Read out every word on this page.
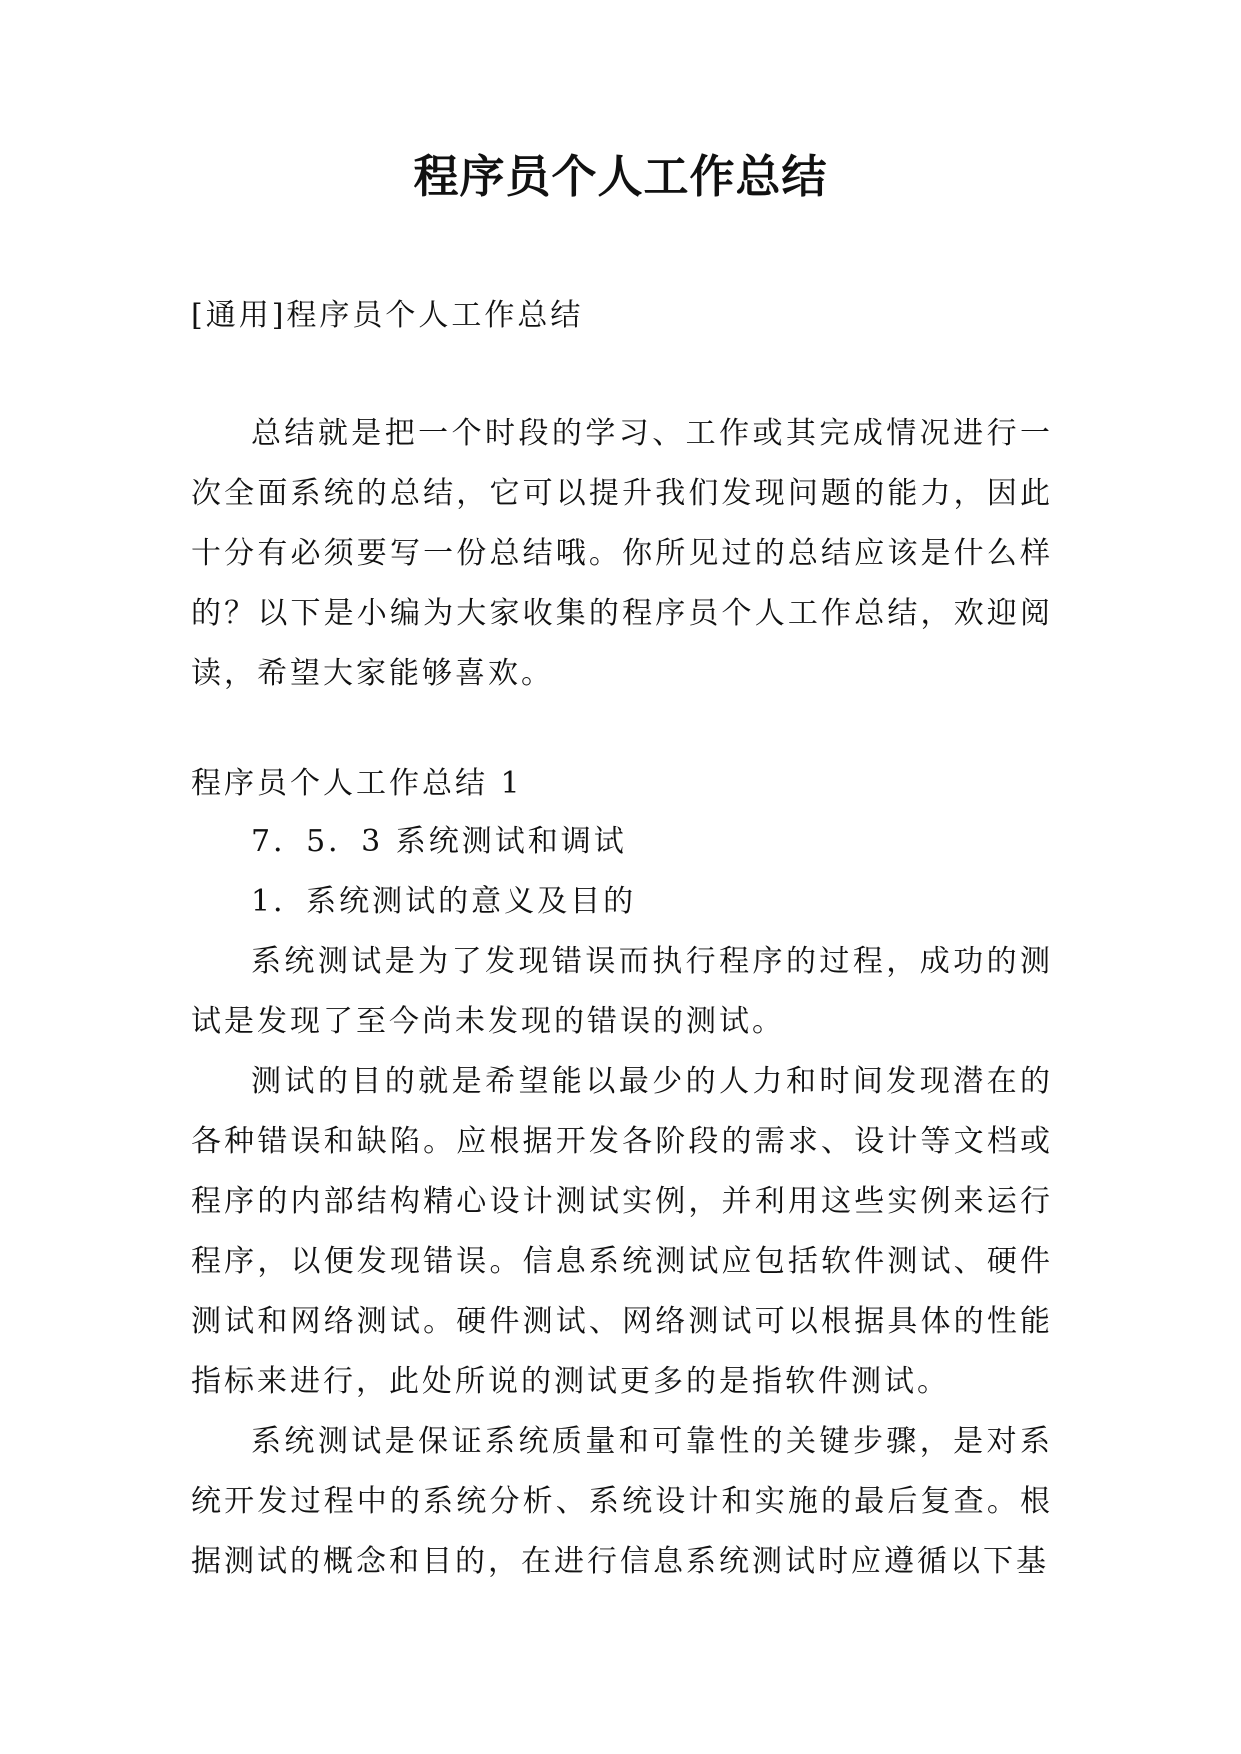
程序员个人工作总结
[通用]程序员个人工作总结

总结就是把一个时段的学习、工作或其完成情况进行一次全面系统的总结，它可以提升我们发现问题的能力，因此十分有必须要写一份总结哦。你所见过的总结应该是什么样的？以下是小编为大家收集的程序员个人工作总结，欢迎阅读，希望大家能够喜欢。

程序员个人工作总结 1

7．5．3 系统测试和调试

1．系统测试的意义及目的

系统测试是为了发现错误而执行程序的过程，成功的测试是发现了至今尚未发现的错误的测试。

测试的目的就是希望能以最少的人力和时间发现潜在的各种错误和缺陷。应根据开发各阶段的需求、设计等文档或程序的内部结构精心设计测试实例，并利用这些实例来运行程序，以便发现错误。信息系统测试应包括软件测试、硬件测试和网络测试。硬件测试、网络测试可以根据具体的性能指标来进行，此处所说的测试更多的是指软件测试。

系统测试是保证系统质量和可靠性的关键步骤，是对系统开发过程中的系统分析、系统设计和实施的最后复查。根据测试的概念和目的，在进行信息系统测试时应遵循以下基
